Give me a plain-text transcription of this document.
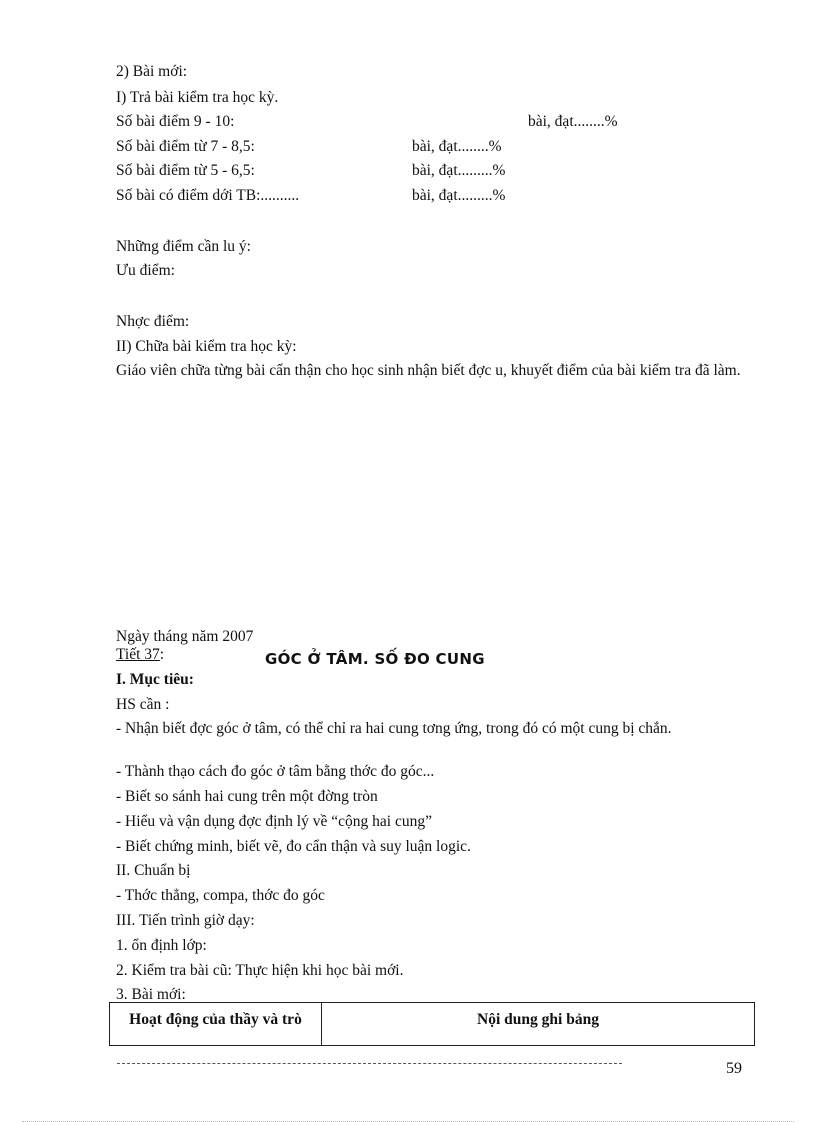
2) Bài mới:
I) Trả bài kiểm tra học kỳ.
Số bài điểm 9 - 10:	bài, đạt........%
Số bài điểm từ 7 - 8,5:	bài, đạt........%
Số bài điểm từ 5 - 6,5:	bài, đạt.........%
Số bài có điểm dới TB:..........	bài, đạt.........%
Những điểm cần lu ý:
Ưu điểm:
Nhợc điểm:
II) Chữa bài kiểm tra học kỳ:
Giáo viên chữa từng bài cẩn thận cho học sinh nhận biết đợc u, khuyết điểm của bài kiểm tra đã làm.
Ngày tháng năm 2007
Tiết 37:	GÓC Ở TÂM. SỐ ĐO CUNG
I. Mục tiêu:
HS cần :
- Nhận biết đợc góc ở tâm, có thể chỉ ra hai cung tơng ứng, trong đó có một cung bị chắn.
- Thành thạo cách đo góc ở tâm bằng thớc đo góc...
- Biết so sánh hai cung trên một đờng tròn
- Hiểu và vận dụng đợc định lý về “cộng hai cung”
- Biết chứng minh, biết vẽ, đo cẩn thận và suy luận logic.
II. Chuẩn bị
- Thớc thẳng, compa, thớc đo góc
III. Tiến trình giờ dạy:
1. ổn định lớp:
2. Kiểm tra bài cũ: Thực hiện khi học bài mới.
3. Bài mới:
Hoạt động của thầy và trò	Nội dung ghi bảng
59
